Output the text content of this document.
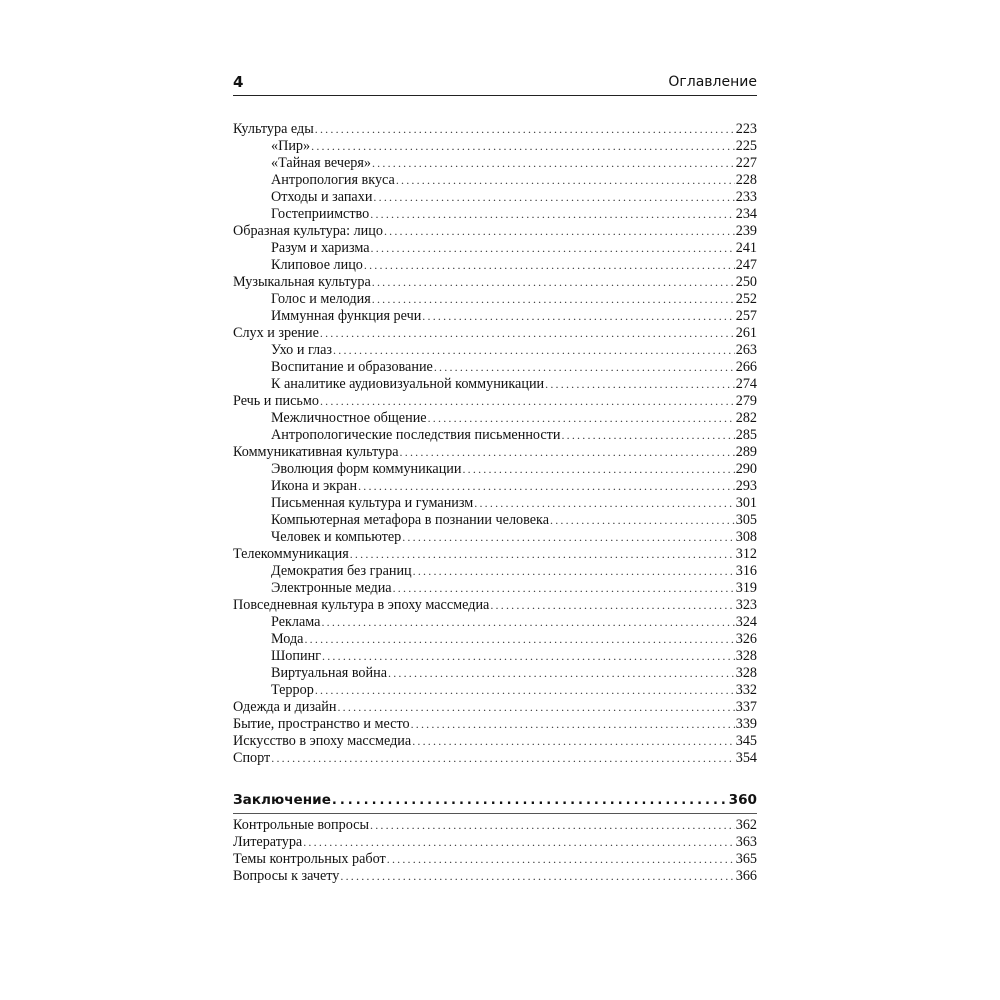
4	Оглавление
Культура еды .....	223
«Пир» .....	225
«Тайная вечеря» .....	227
Антропология вкуса .....	228
Отходы и запахи .....	233
Гостеприимство .....	234
Образная культура: лицо .....	239
Разум и харизма .....	241
Клиповое лицо .....	247
Музыкальная культура .....	250
Голос и мелодия .....	252
Иммунная функция речи .....	257
Слух и зрение .....	261
Ухо и глаз .....	263
Воспитание и образование .....	266
К аналитике аудиовизуальной коммуникации .....	274
Речь и письмо .....	279
Межличностное общение .....	282
Антропологические последствия письменности .....	285
Коммуникативная культура .....	289
Эволюция форм коммуникации .....	290
Икона и экран .....	293
Письменная культура и гуманизм .....	301
Компьютерная метафора в познании человека .....	305
Человек и компьютер .....	308
Телекоммуникация .....	312
Демократия без границ .....	316
Электронные медиа .....	319
Повседневная культура в эпоху массмедиа .....	323
Реклама .....	324
Мода .....	326
Шопинг .....	328
Виртуальная война .....	328
Террор .....	332
Одежда и дизайн .....	337
Бытие, пространство и место .....	339
Искусство в эпоху массмедиа .....	345
Спорт .....	354
Заключение .....	360
Контрольные вопросы .....	362
Литература .....	363
Темы контрольных работ .....	365
Вопросы к зачету .....	366
